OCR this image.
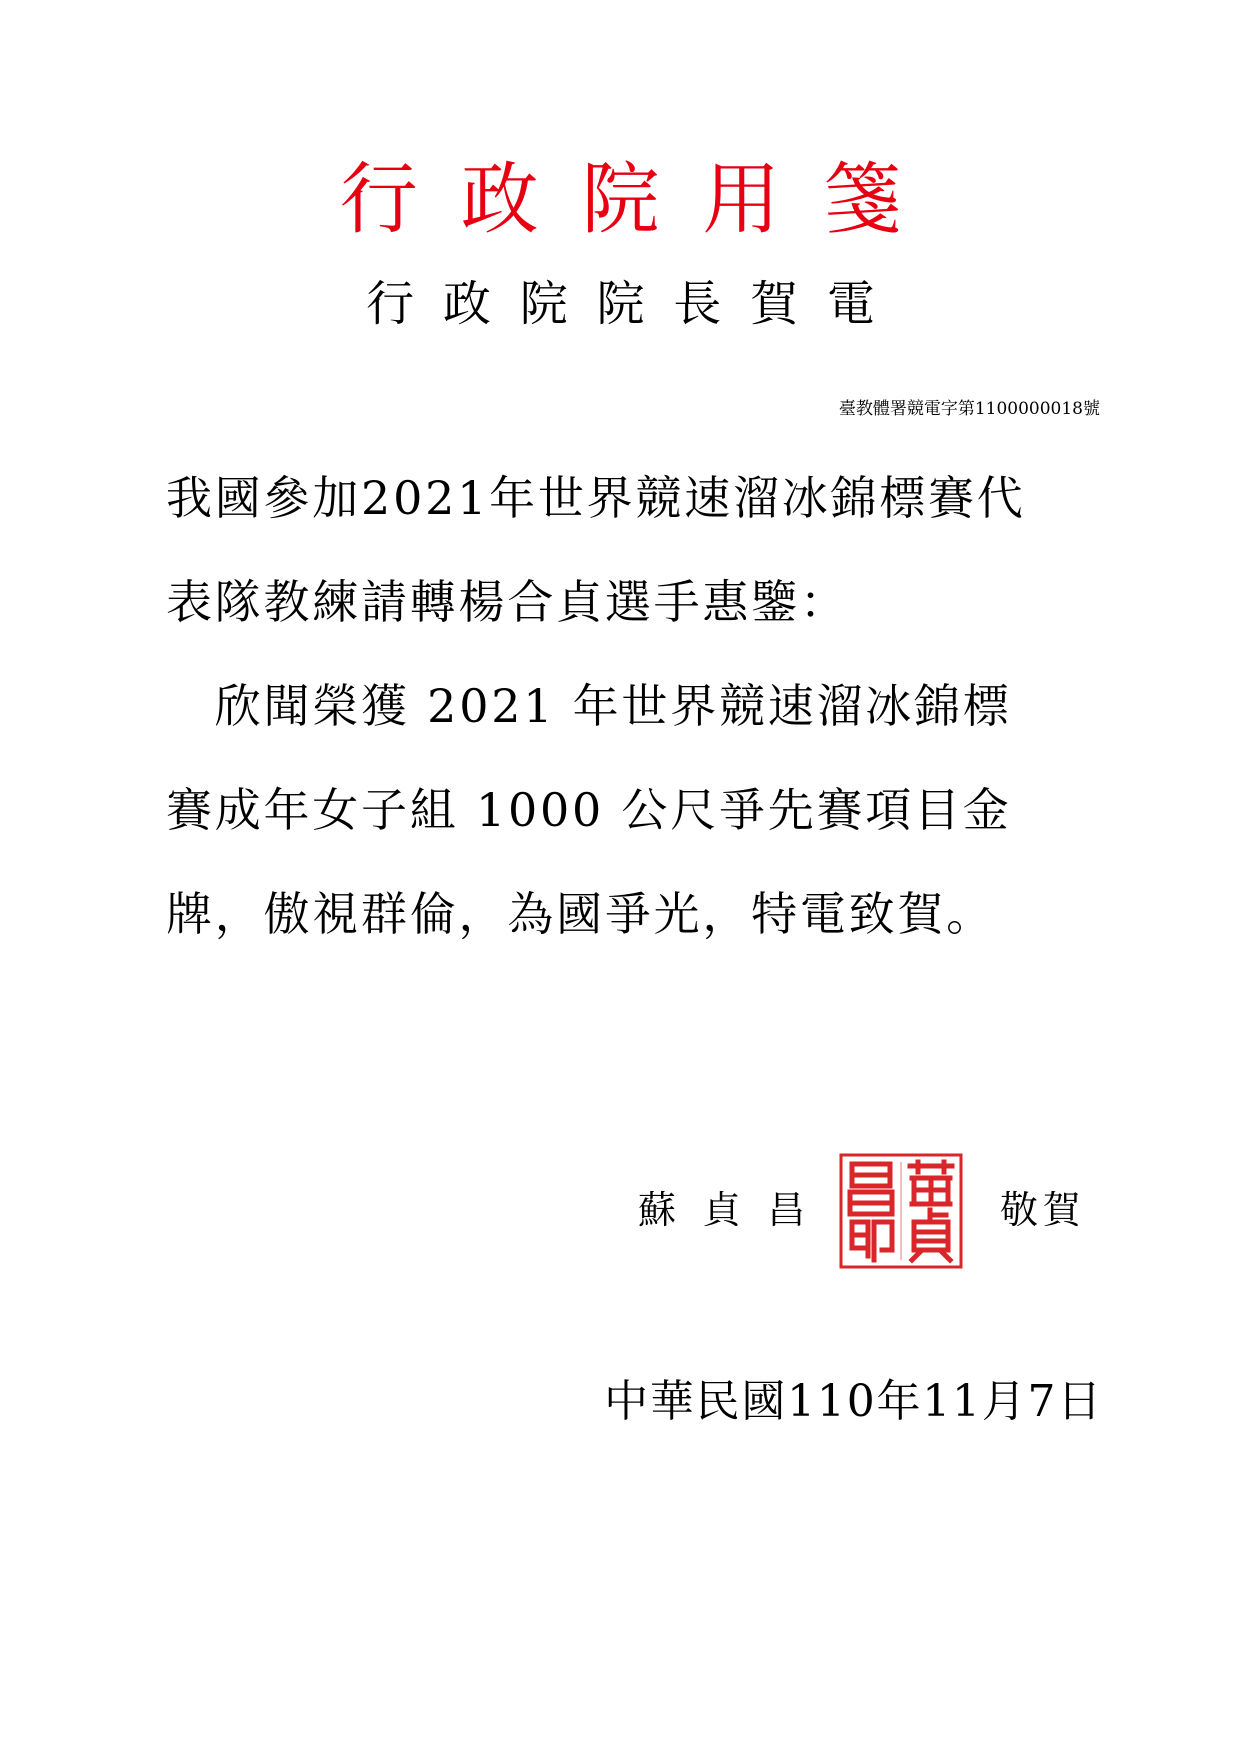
行政院用箋
行政院院長賀電
臺教體署競電字第1100000018號
我國參加2021年世界競速溜冰錦標賽代
表隊教練請轉楊合貞選手惠鑒：
　欣聞榮獲 2021 年世界競速溜冰錦標
賽成年女子組 1000 公尺爭先賽項目金
牌，傲視群倫，為國爭光，特電致賀。
蘇貞昌	敬賀
中華民國110年11月7日
